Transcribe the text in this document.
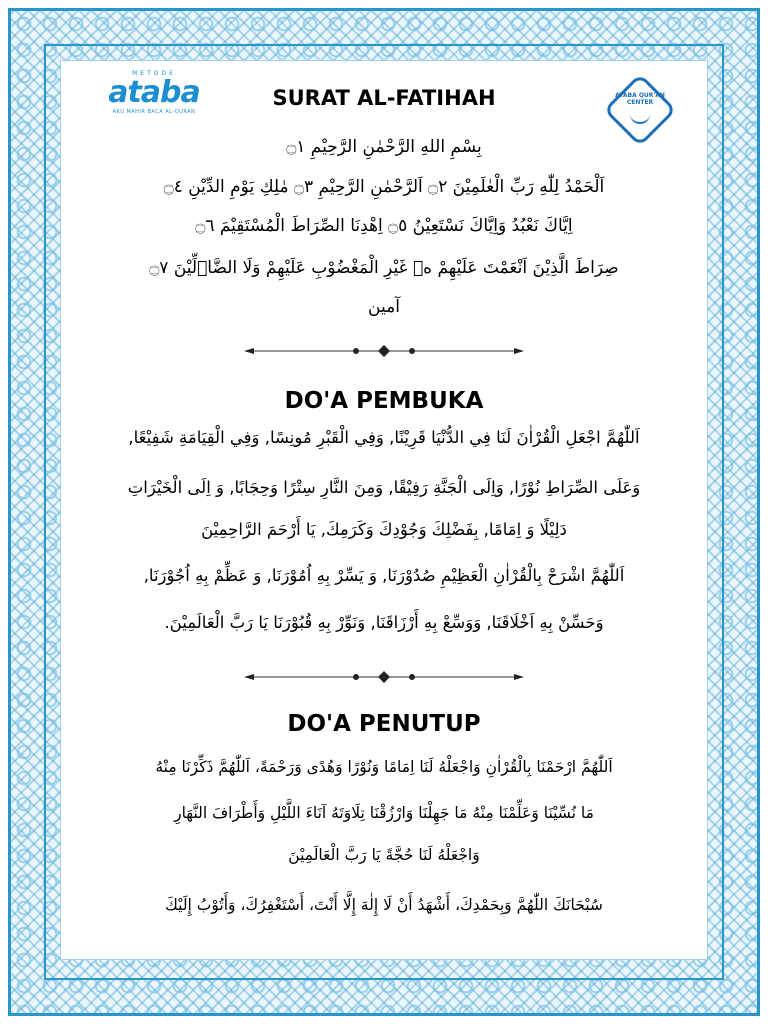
METODE
atаba
AKU MAHIR BACA AL-QURAN
ATABA QUR'AN CENTER
SURAT AL-FATIHAH
بِسْمِ اللهِ الرَّحْمٰنِ الرَّحِيْمِ ۝١
اَلْحَمْدُ لِلّٰهِ رَبِّ الْعٰلَمِيْنَ ۝٢ اَلرَّحْمٰنِ الرَّحِيْمِ ۝٣ مٰلِكِ يَوْمِ الدِّيْنِ ۝٤
اِيَّاكَ نَعْبُدُ وَاِيَّاكَ نَسْتَعِيْنُ ۝٥ اِهْدِنَا الصِّرَاطَ الْمُسْتَقِيْمَ ۝٦
صِرَاطَ الَّذِيْنَ اَنْعَمْتَ عَلَيْهِمْ ەۙ غَيْرِ الْمَغْضُوْبِ عَلَيْهِمْ وَلَا الضَّاۤلِّيْنَ ۝٧
آمين
DO'A PEMBUKA
اَللّٰهُمَّ اجْعَلِ الْقُرْاٰنَ لَنَا فِي الدُّنْيَا قَرِيْنًا, وَفِي الْقَبْرِ مُونِسًا, وَفِي الْقِيَامَةِ شَفِيْعًا,
وَعَلَى الصِّرَاطِ نُوْرًا, وَاِلَى الْجَنَّةِ رَفِيْقًا, وَمِنَ النَّارِ سِتْرًا وَحِجَابًا, وَ اِلَى الْخَيْرَاتِ
دَلِيْلًا وَ اِمَامًا, بِفَضْلِكَ وَجُوْدِكَ وَكَرَمِكَ, يَا أَرْحَمَ الرَّاحِمِيْنَ
اَللّٰهُمَّ اشْرَحْ بِالْقُرْاٰنِ الْعَظِيْمِ صُدُوْرَنَا, وَ يَسِّرْ بِهِ اُمُوْرَنَا, وَ عَظِّمْ بِهِ اُجُوْرَنَا,
وَحَسِّنْ بِهِ اَخْلَاقَنَا, وَوَسِّعْ بِهِ أَرْزَاقَنَا, وَنَوِّرْ بِهِ قُبُوْرَنَا يَا رَبَّ الْعَالَمِيْنَ.
DO'A PENUTUP
اَللّٰهُمَّ ارْحَمْنَا بِالْقُرْاٰنِ وَاجْعَلْهُ لَنَا اِمَامًا وَنُوْرًا وَهُدًى وَرَحْمَةً، اَللّٰهُمَّ ذَكِّرْنَا مِنْهُ
مَا نُسِّيْنَا وَعَلِّمْنَا مِنْهُ مَا جَهِلْنَا وَارْزُقْنَا تِلَاوَتَهُ آنَاءَ اللَّيْلِ وَأَطْرَافَ النَّهَارِ
وَاجْعَلْهُ لَنَا حُجَّةً يَا رَبَّ الْعَالَمِيْنَ
سُبْحَانَكَ اللّٰهُمَّ وَبِحَمْدِكَ، أَشْهَدُ أَنْ لَا إِلٰهَ إِلَّا أَنْتَ، أَسْتَغْفِرُكَ، وَأَتُوْبُ إِلَيْكَ
